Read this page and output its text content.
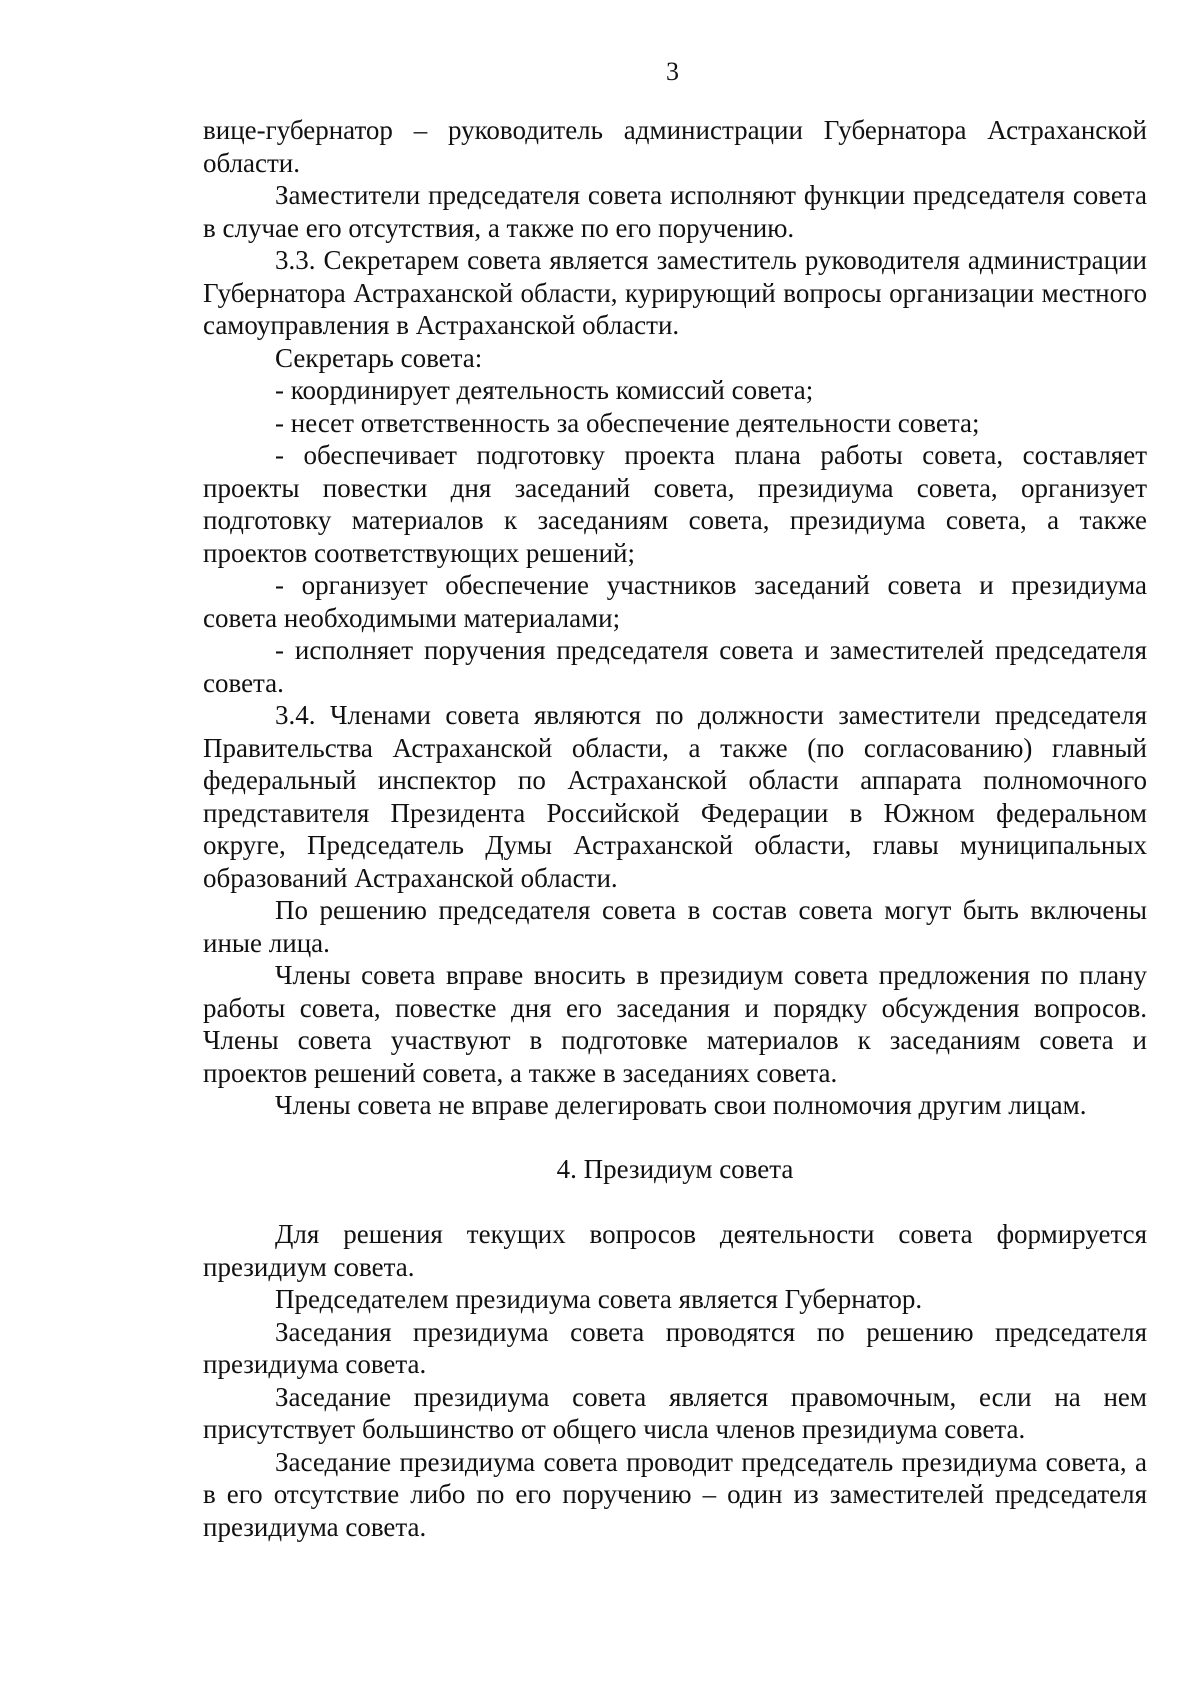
3

вице-губернатор – руководитель администрации Губернатора Астраханской области.

Заместители председателя совета исполняют функции председателя совета в случае его отсутствия, а также по его поручению.

3.3. Секретарем совета является заместитель руководителя администрации Губернатора Астраханской области, курирующий вопросы организации местного самоуправления в Астраханской области.

Секретарь совета:

- координирует деятельность комиссий совета;

- несет ответственность за обеспечение деятельности совета;

- обеспечивает подготовку проекта плана работы совета, составляет проекты повестки дня заседаний совета, президиума совета, организует подготовку материалов к заседаниям совета, президиума совета, а также проектов соответствующих решений;

- организует обеспечение участников заседаний совета и президиума совета необходимыми материалами;

- исполняет поручения председателя совета и заместителей председателя совета.

3.4. Членами совета являются по должности заместители председателя Правительства Астраханской области, а также (по согласованию) главный федеральный инспектор по Астраханской области аппарата полномочного представителя Президента Российской Федерации в Южном федеральном округе, Председатель Думы Астраханской области, главы муниципальных образований Астраханской области.

По решению председателя совета в состав совета могут быть включены иные лица.

Члены совета вправе вносить в президиум совета предложения по плану работы совета, повестке дня его заседания и порядку обсуждения вопросов. Члены совета участвуют в подготовке материалов к заседаниям совета и проектов решений совета, а также в заседаниях совета.

Члены совета не вправе делегировать свои полномочия другим лицам.

4. Президиум совета

Для решения текущих вопросов деятельности совета формируется президиум совета.

Председателем президиума совета является Губернатор.

Заседания президиума совета проводятся по решению председателя президиума совета.

Заседание президиума совета является правомочным, если на нем присутствует большинство от общего числа членов президиума совета.

Заседание президиума совета проводит председатель президиума совета, а в его отсутствие либо по его поручению – один из заместителей председателя президиума совета.
